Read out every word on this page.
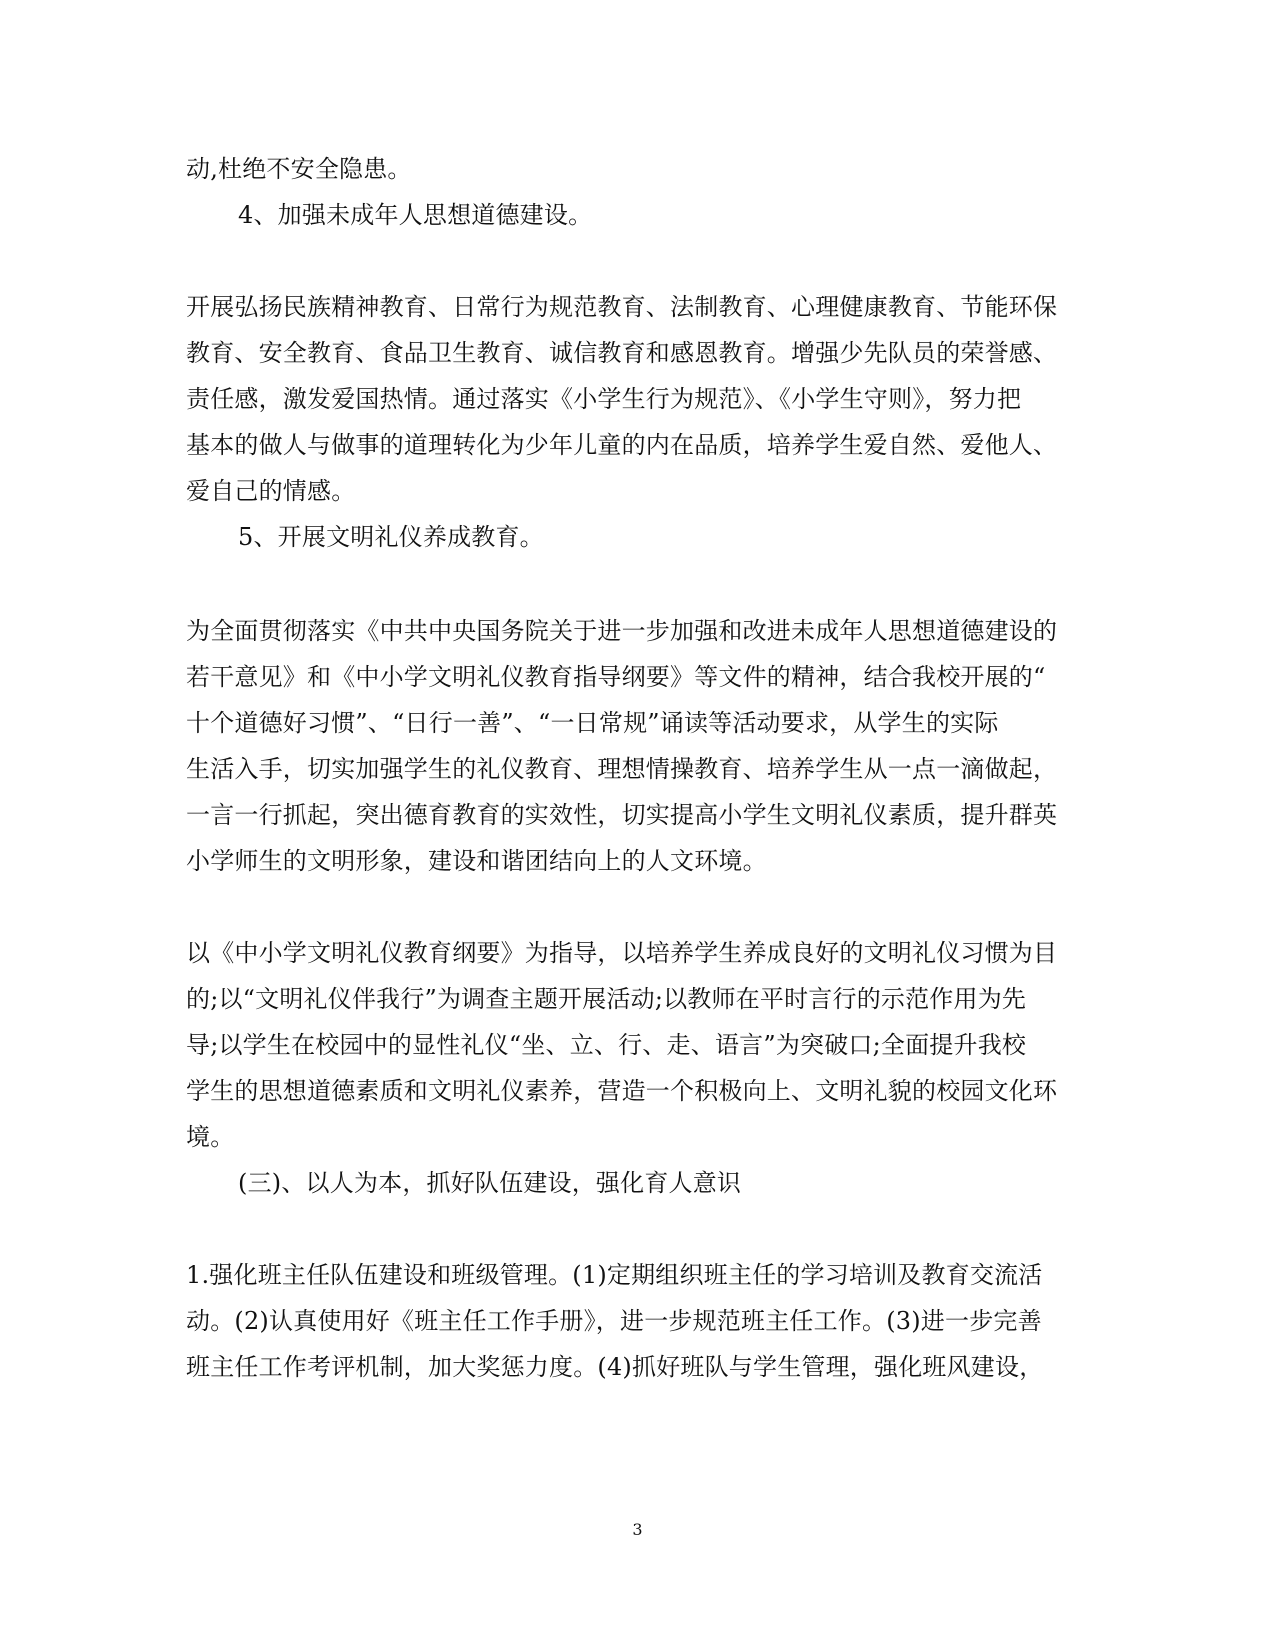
动,杜绝不安全隐患。
4、加强未成年人思想道德建设。
开展弘扬民族精神教育、日常行为规范教育、法制教育、心理健康教育、节能环保
教育、安全教育、食品卫生教育、诚信教育和感恩教育。增强少先队员的荣誉感、
责任感，激发爱国热情。通过落实《小学生行为规范》、《小学生守则》，努力把
基本的做人与做事的道理转化为少年儿童的内在品质，培养学生爱自然、爱他人、
爱自己的情感。
5、开展文明礼仪养成教育。
为全面贯彻落实《中共中央国务院关于进一步加强和改进未成年人思想道德建设的
若干意见》和《中小学文明礼仪教育指导纲要》等文件的精神，结合我校开展的“
十个道德好习惯”、“日行一善”、“一日常规”诵读等活动要求，从学生的实际
生活入手，切实加强学生的礼仪教育、理想情操教育、培养学生从一点一滴做起，
一言一行抓起，突出德育教育的实效性，切实提高小学生文明礼仪素质，提升群英
小学师生的文明形象，建设和谐团结向上的人文环境。
以《中小学文明礼仪教育纲要》为指导，以培养学生养成良好的文明礼仪习惯为目
的;以“文明礼仪伴我行”为调查主题开展活动;以教师在平时言行的示范作用为先
导;以学生在校园中的显性礼仪“坐、立、行、走、语言”为突破口;全面提升我校
学生的思想道德素质和文明礼仪素养，营造一个积极向上、文明礼貌的校园文化环
境。
(三)、以人为本，抓好队伍建设，强化育人意识
1.强化班主任队伍建设和班级管理。(1)定期组织班主任的学习培训及教育交流活
动。(2)认真使用好《班主任工作手册》，进一步规范班主任工作。(3)进一步完善
班主任工作考评机制，加大奖惩力度。(4)抓好班队与学生管理，强化班风建设，
3
